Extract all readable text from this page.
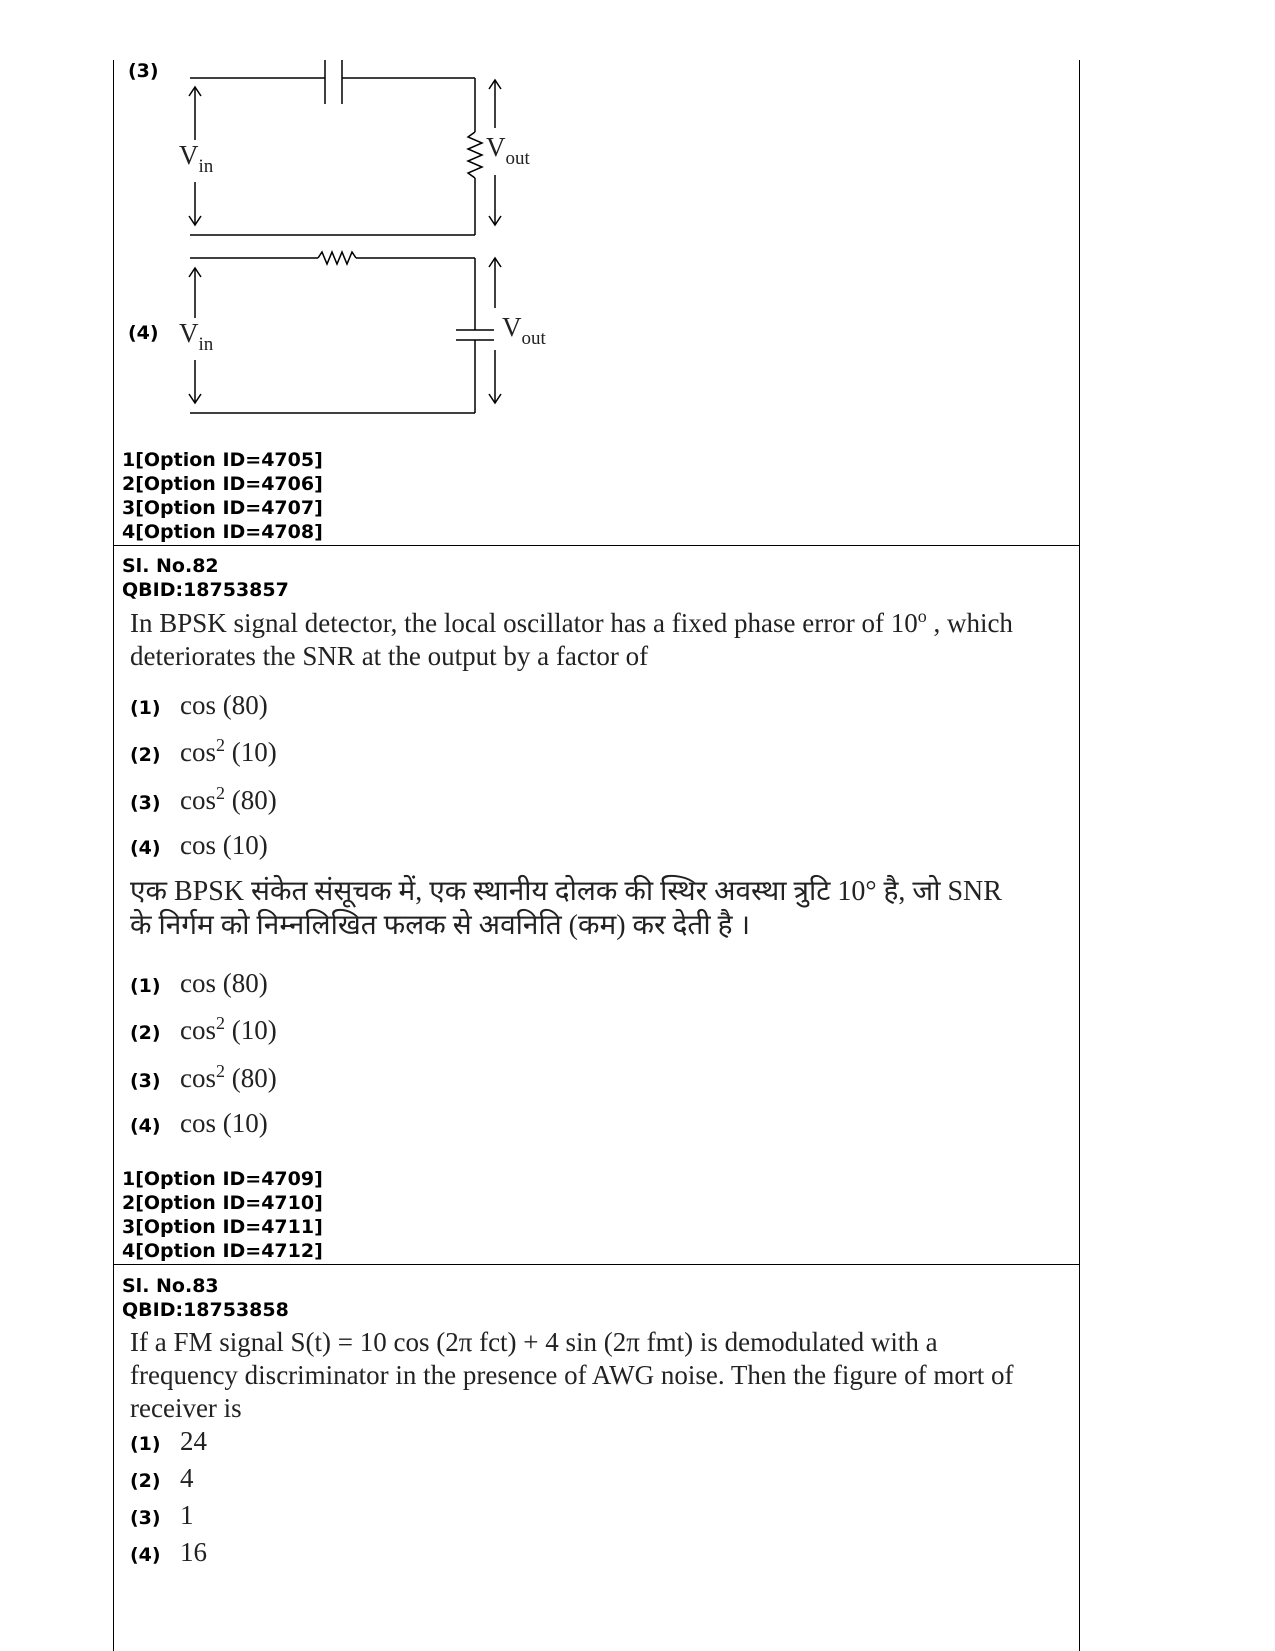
(3)
(4)
$V_{in}$
$V_{out}$
$V_{in}$
$V_{out}$
1[Option ID=4705]
2[Option ID=4706]
3[Option ID=4707]
4[Option ID=4708]
Sl. No.82
QBID:18753857
In BPSK signal detector, the local oscillator has a fixed phase error of 10$^o$ , which
deteriorates the SNR at the output by a factor of
(1) cos (80)
(2) $\cos^2 (10)$
(3) $\cos^2 (80)$
(4) cos (10)
एक BPSK संकेत संसूचक में, एक स्थानीय दोलक की स्थिर अवस्था त्रुटि 10° है, जो SNR
के निर्गम को निम्नलिखित फलक से अवनिति (कम) कर देती है ।
(1) cos (80)
(2) $\cos^2 (10)$
(3) $\cos^2 (80)$
(4) cos (10)
1[Option ID=4709]
2[Option ID=4710]
3[Option ID=4711]
4[Option ID=4712]
Sl. No.83
QBID:18753858
If a FM signal S(t) = 10 cos (2π fct) + 4 sin (2π fmt) is demodulated with a
frequency discriminator in the presence of AWG noise. Then the figure of mort of
receiver is
(1) 24
(2) 4
(3) 1
(4) 16
